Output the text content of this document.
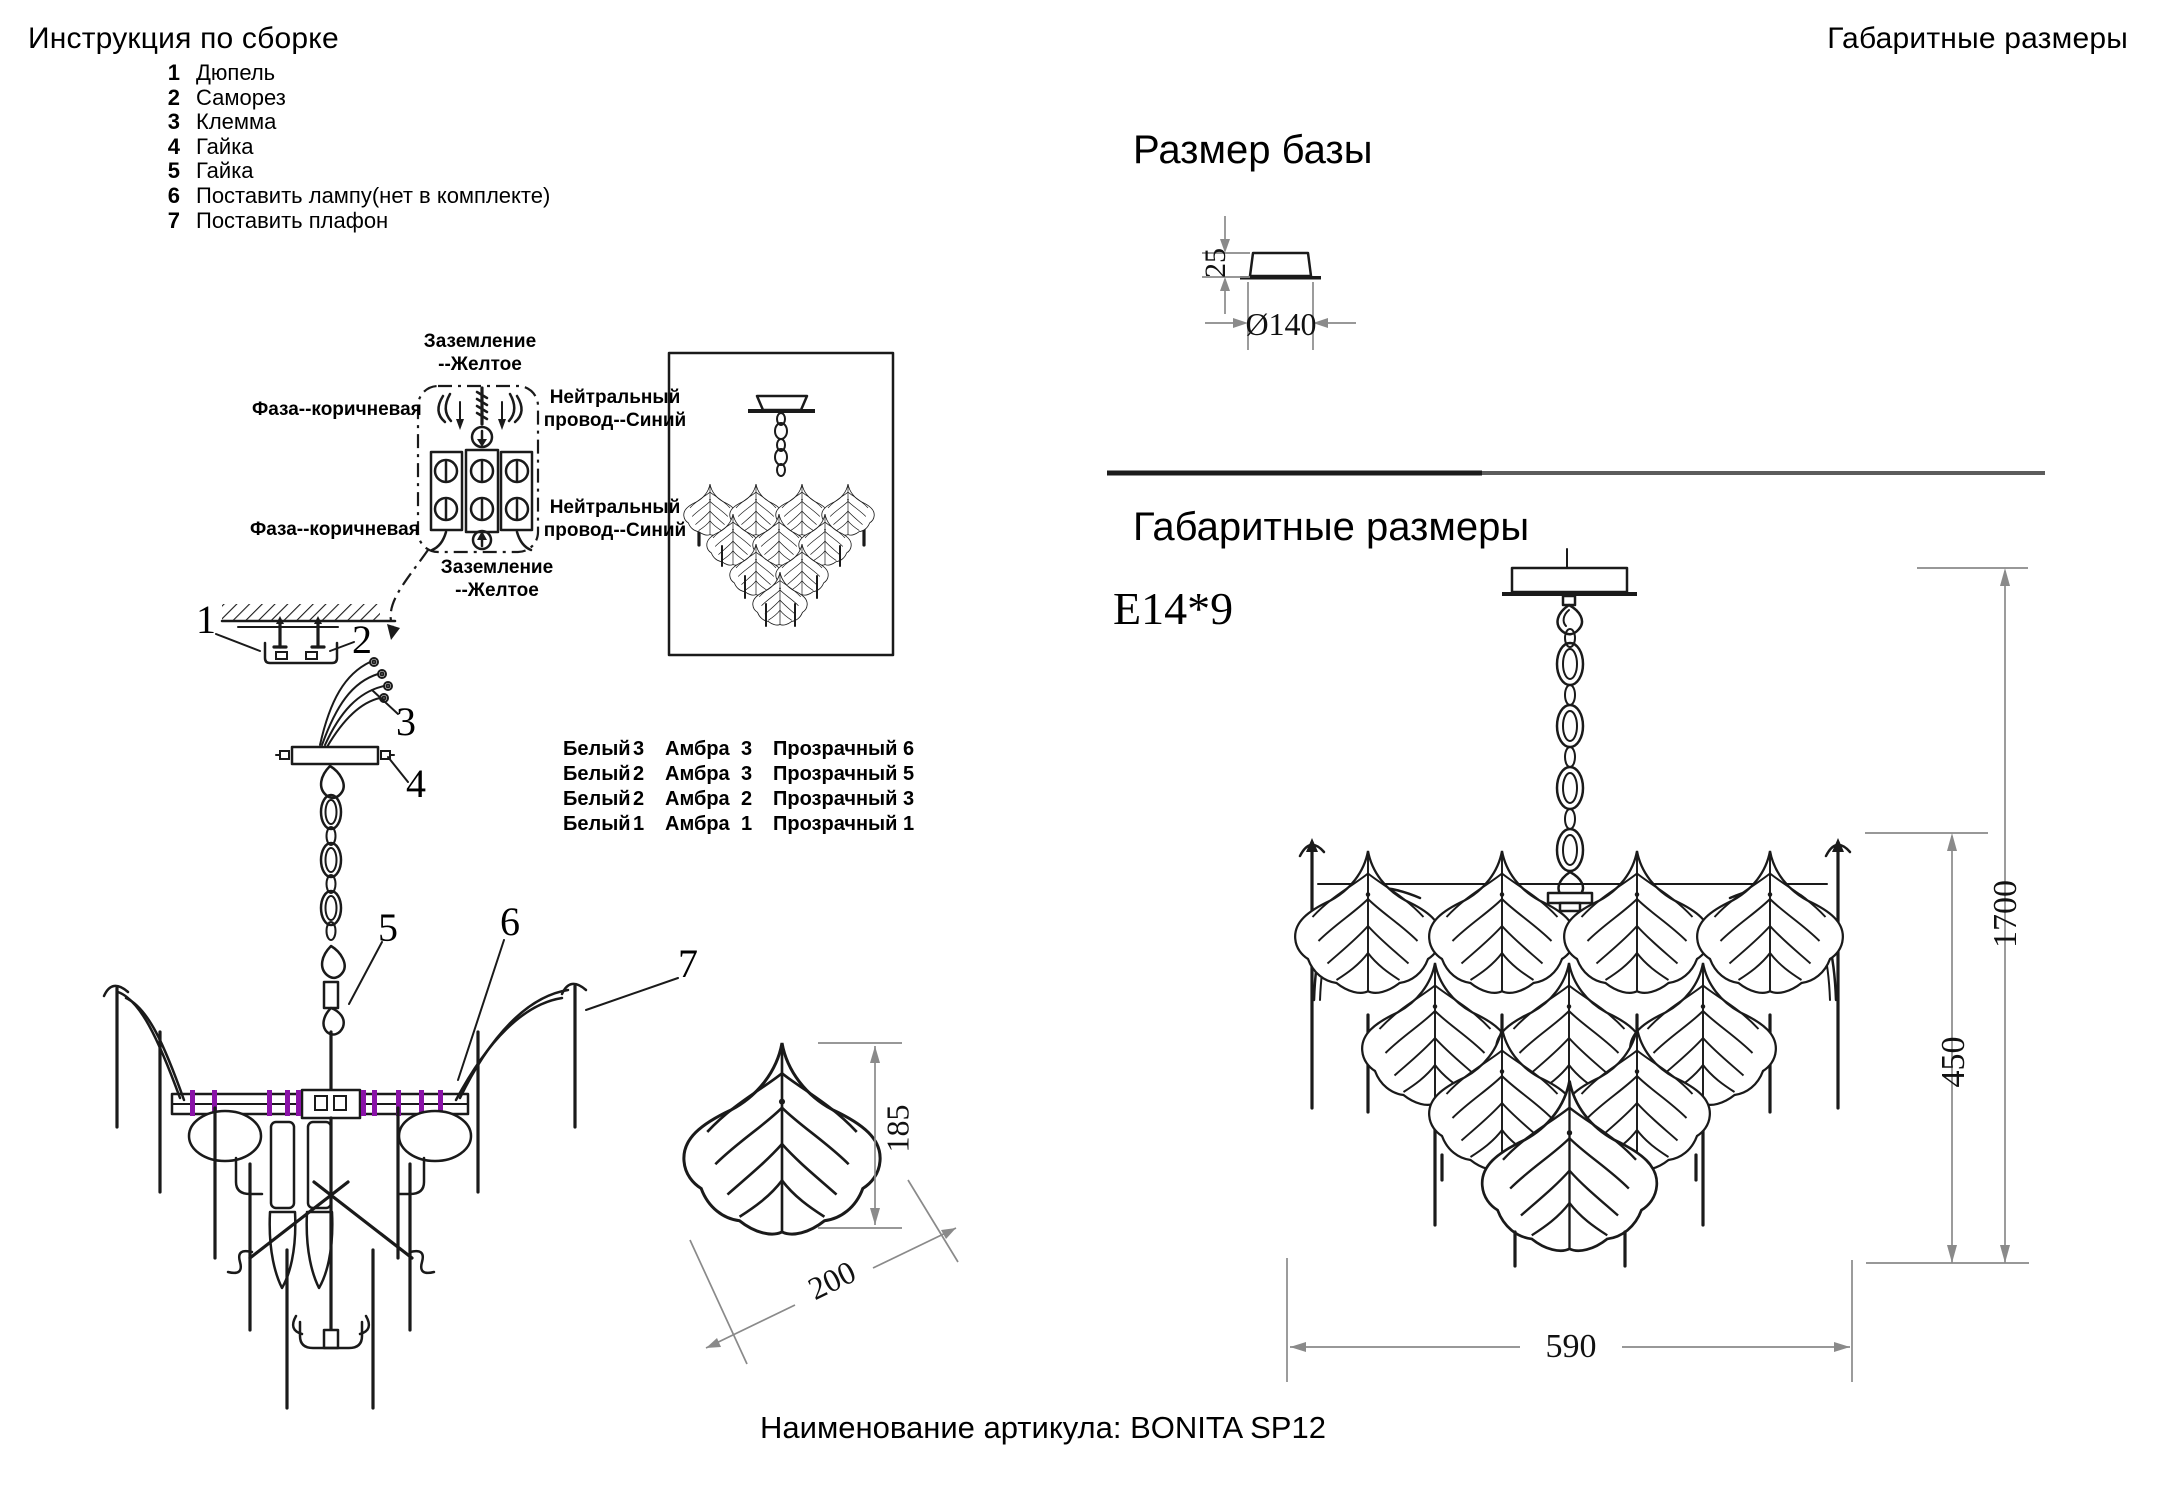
Инструкция по сборке	Габаритные размеры
1 Дюпель
2 Саморез
3 Клемма
4 Гайка
5 Гайка
6 Поставить лампу(нет в комплекте)
7 Поставить плафон
Заземление
--Желтое
Фаза--коричневая
Нейтральный
провод--Синий
Фаза--коричневая
Нейтральный
провод--Синий
Заземление
--Желтое
Белый 3	Амбра 3	Прозрачный 6
Белый 2	Амбра 3	Прозрачный 5
Белый 2	Амбра 2	Прозрачный 3
Белый 1	Амбра 1	Прозрачный 1
1	2
3
4
5	6
7
Размер базы
Габаритные размеры
E14*9
25
Ø140
1700
450
590
185
200
Наименование артикула: BONITA SP12
